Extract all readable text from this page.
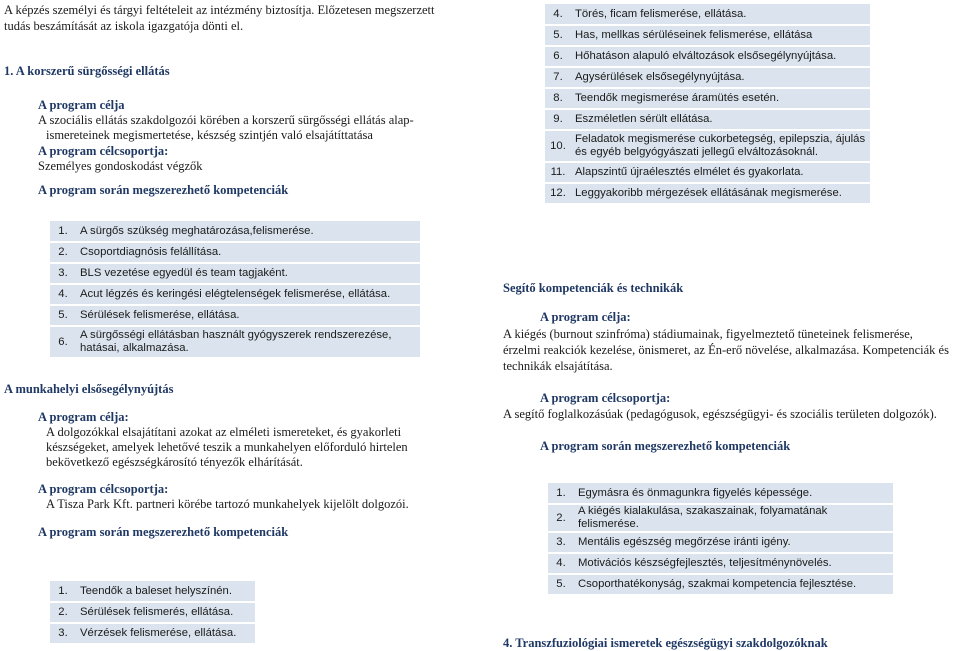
A képzés személyi és tárgyi feltételeit az intézmény biztosítja. Előzetesen megszerzett

tudás beszámítását az iskola igazgatója dönti el.

1. A korszerű sürgősségi ellátás

A program célja

A szociális ellátás szakdolgozói körében a korszerű sürgősségi ellátás alap-

ismereteinek megismertetése, készség szintjén való elsajátíttatása

A program célcsoportja:

Személyes gondoskodást végzők

A program során megszerezhető kompetenciák

1.	A sürgős szükség meghatározása,felismerése.
2.	Csoportdiagnósis felállítása.
3.	BLS vezetése egyedül és team tagjaként.
4.	Acut légzés és keringési elégtelenségek felismerése, ellátása.
5.	Sérülések felismerése, ellátása.
6.	A sürgősségi ellátásban használt gyógyszerek rendszerezése, hatásai, alkalmazása.

A munkahelyi elsősegélynyújtás

A program célja:

A dolgozókkal elsajátítani azokat az elméleti ismereteket, és gyakorleti

készségeket, amelyek lehetővé teszik a munkahelyen előforduló hirtelen

bekövetkező egészségkárosító tényezők elhárítását.

A program célcsoportja:

A Tisza Park Kft. partneri körébe tartozó munkahelyek kijelölt dolgozói.

A program során megszerezhető kompetenciák

1.	Teendők a baleset helyszínén.
2.	Sérülések felismerés, ellátása.
3.	Vérzések felismerése, ellátása.
4.	Törés, ficam felismerése, ellátása.
5.	Has, mellkas sérüléseinek felismerése, ellátása
6.	Hőhatáson alapuló elváltozások elsősegélynyújtása.
7.	Agysérülések elsősegélynyújtása.
8.	Teendők megismerése áramütés esetén.
9.	Eszméletlen sérült ellátása.
10.	Feladatok megismerése cukorbetegség, epilepszia, ájulás és egyéb belgyógyászati jellegű elváltozásoknál.
11.	Alapszintű újraélesztés elmélet és gyakorlata.
12.	Leggyakoribb mérgezések ellátásának megismerése.

Segítő kompetenciák és technikák

A program célja:

A kiégés (burnout szinfróma) stádiumainak, figyelmeztető tüneteinek felismerése, érzelmi reakciók kezelése, önismeret, az Én-erő növelése, alkalmazása. Kompetenciák és technikák elsajátítása.

A program célcsoportja:

A segítő foglalkozásúak (pedagógusok, egészségügyi- és szociális területen dolgozók).

A program során megszerezhető kompetenciák

1.	Egymásra és önmagunkra figyelés képessége.
2.	A kiégés kialakulása, szakaszainak, folyamatának felismerése.
3.	Mentális egészség megőrzése iránti igény.
4.	Motivációs készségfejlesztés, teljesítménynövelés.
5.	Csoporthatékonyság, szakmai kompetencia fejlesztése.

4. Transzfuziológiai ismeretek egészségügyi szakdolgozóknak
